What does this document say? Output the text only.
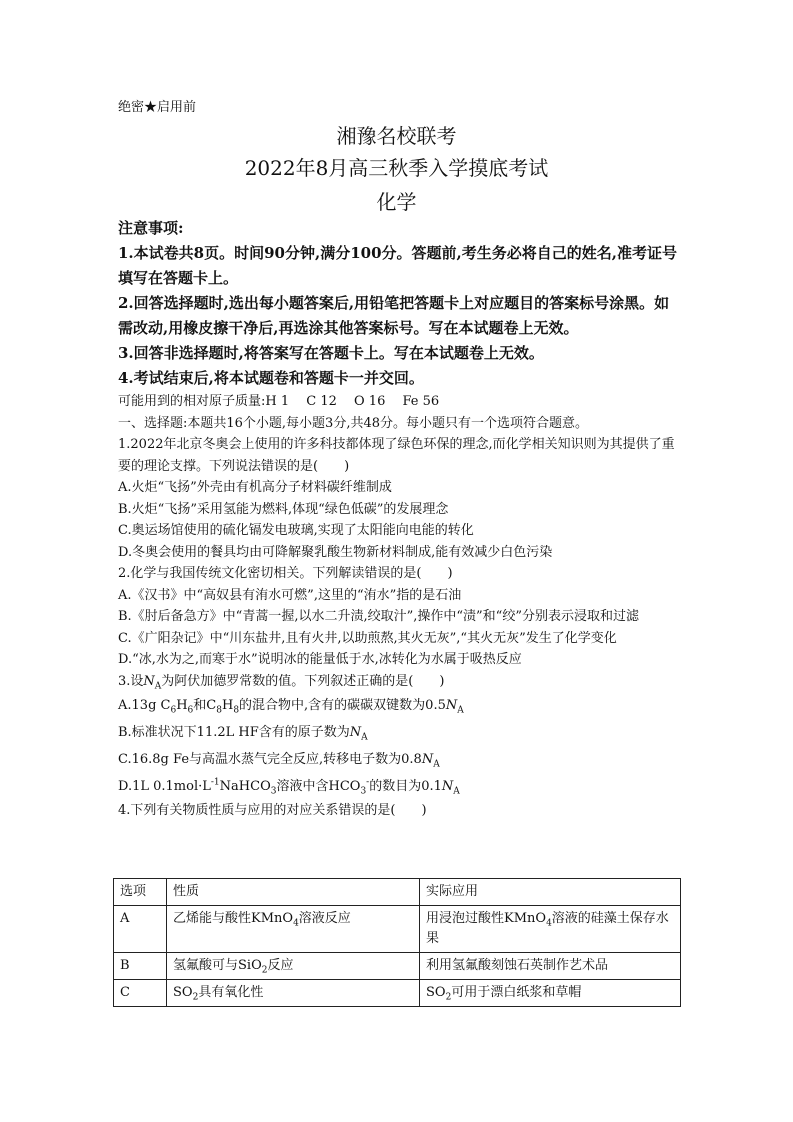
绝密★启用前
湘豫名校联考
2022年8月高三秋季入学摸底考试
化学

注意事项:

1.本试卷共8页。时间90分钟,满分100分。答题前,考生务必将自己的姓名,准考证号填写在答题卡上。

2.回答选择题时,选出每小题答案后,用铅笔把答题卡上对应题目的答案标号涂黑。如需改动,用橡皮擦干净后,再选涂其他答案标号。写在本试题卷上无效。

3.回答非选择题时,将答案写在答题卡上。写在本试题卷上无效。

4.考试结束后,将本试题卷和答题卡一并交回。

可能用到的相对原子质量:H 1　 C 12　 O 16　 Fe 56

一、选择题:本题共16个小题,每小题3分,共48分。每小题只有一个选项符合题意。

1.2022年北京冬奥会上使用的许多科技都体现了绿色环保的理念,而化学相关知识则为其提供了重要的理论支撑。下列说法错误的是(　　)

A.火炬“飞扬”外壳由有机高分子材料碳纤维制成

B.火炬“飞扬”采用氢能为燃料,体现“绿色低碳”的发展理念

C.奥运场馆使用的硫化镉发电玻璃,实现了太阳能向电能的转化

D.冬奥会使用的餐具均由可降解聚乳酸生物新材料制成,能有效减少白色污染

2.化学与我国传统文化密切相关。下列解读错误的是(　　)

A.《汉书》中“高奴县有洧水可燃”,这里的“洧水”指的是石油

B.《肘后备急方》中“青蒿一握,以水二升渍,绞取汁”,操作中“渍”和“绞”分别表示浸取和过滤

C.《广阳杂记》中“川东盐井,且有火井,以助煎熬,其火无灰”,“其火无灰”发生了化学变化

D.“冰,水为之,而寒于水”说明冰的能量低于水,冰转化为水属于吸热反应

3.设$N_A$为阿伏加德罗常数的值。下列叙述正确的是(　　)

A.13g $C_6H_6$和$C_8H_8$的混合物中,含有的碳碳双键数为$0.5N_A$

B.标准状况下11.2L HF含有的原子数为$N_A$

C.16.8g Fe与高温水蒸气完全反应,转移电子数为$0.8N_A$

D.1L $0.1mol\cdot L^{-1}NaHCO_3$溶液中含$HCO_3^-$的数目为$0.1N_A$

4.下列有关物质性质与应用的对应关系错误的是(　　)

选项	性质	实际应用
A	乙烯能与酸性KMnO$_4$溶液反应	用浸泡过酸性KMnO$_4$溶液的硅藻土保存水果
B	氢氟酸可与SiO$_2$反应	利用氢氟酸刻蚀石英制作艺术品
C	$SO_2$具有氧化性	$SO_2$可用于漂白纸浆和草帽
